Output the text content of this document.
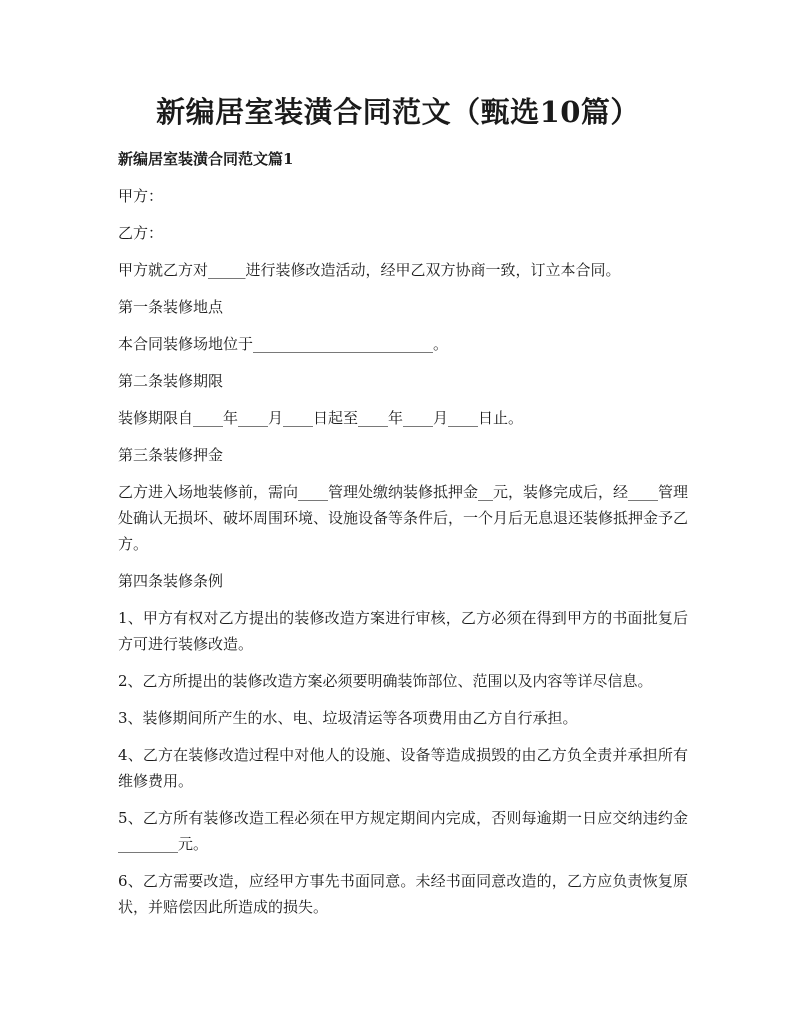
新编居室装潢合同范文（甄选10篇）

新编居室装潢合同范文篇1

甲方：

乙方：

甲方就乙方对_____进行装修改造活动，经甲乙双方协商一致，订立本合同。

第一条装修地点

本合同装修场地位于________________________。

第二条装修期限

装修期限自____年____月____日起至____年____月____日止。

第三条装修押金

乙方进入场地装修前，需向____管理处缴纳装修抵押金__元，装修完成后，经____管理处确认无损坏、破坏周围环境、设施设备等条件后，一个月后无息退还装修抵押金予乙方。

第四条装修条例

1、甲方有权对乙方提出的装修改造方案进行审核，乙方必须在得到甲方的书面批复后方可进行装修改造。

2、乙方所提出的装修改造方案必须要明确装饰部位、范围以及内容等详尽信息。

3、装修期间所产生的水、电、垃圾清运等各项费用由乙方自行承担。

4、乙方在装修改造过程中对他人的设施、设备等造成损毁的由乙方负全责并承担所有维修费用。

5、乙方所有装修改造工程必须在甲方规定期间内完成，否则每逾期一日应交纳违约金________元。

6、乙方需要改造，应经甲方事先书面同意。未经书面同意改造的，乙方应负责恢复原状，并赔偿因此所造成的损失。
